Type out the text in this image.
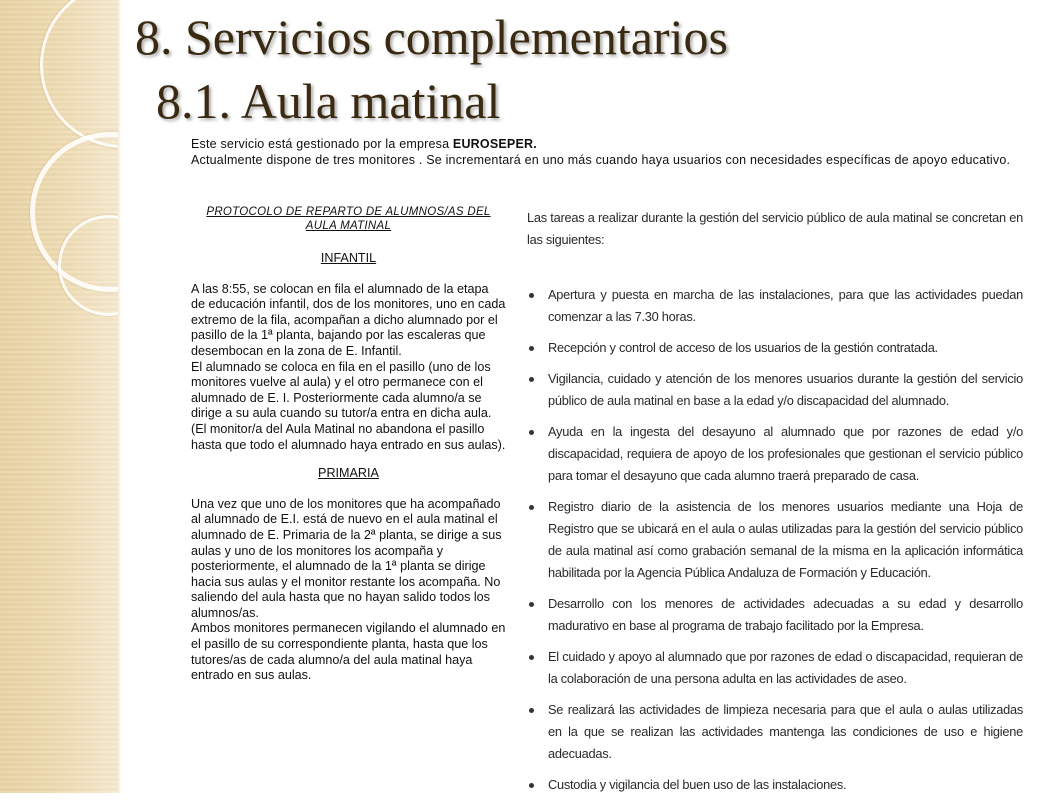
8. Servicios complementarios
8.1. Aula matinal

Este servicio está gestionado por la empresa EUROSEPER.

Actualmente dispone de tres monitores . Se incrementará en uno más cuando haya usuarios con necesidades específicas de apoyo educativo.

PROTOCOLO DE REPARTO DE ALUMNOS/AS DEL AULA MATINAL

INFANTIL

A las 8:55, se colocan en fila el alumnado de la etapa de educación infantil, dos de los monitores, uno en cada extremo de la fila, acompañan a dicho alumnado por el pasillo de la 1ª planta, bajando por las escaleras que desembocan en la zona de E. Infantil.

El alumnado se coloca en fila en el pasillo (uno de los monitores vuelve al aula) y el otro permanece con el alumnado de E. I. Posteriormente cada alumno/a se dirige a su aula cuando su tutor/a entra en dicha aula.(El monitor/a del Aula Matinal no abandona el pasillo hasta que todo el alumnado haya entrado en sus aulas).

PRIMARIA

Una vez que uno de los monitores que ha acompañado al alumnado de E.I. está de nuevo en el aula matinal el alumnado de E. Primaria de la 2ª planta, se dirige a sus aulas y uno de los monitores los acompaña y posteriormente, el alumnado de la 1ª planta se dirige hacia sus aulas y el monitor restante los acompaña. No saliendo del aula hasta que no hayan salido todos los alumnos/as.

Ambos monitores permanecen vigilando el alumnado en el pasillo de su correspondiente planta, hasta que los tutores/as de cada alumno/a del aula matinal haya entrado en sus aulas.

Las tareas a realizar durante la gestión del servicio público de aula matinal se concretan en las siguientes:

Apertura y puesta en marcha de las instalaciones, para que las actividades puedan comenzar a las 7.30 horas.
Recepción y control de acceso de los usuarios de la gestión contratada.
Vigilancia, cuidado y atención de los menores usuarios durante la gestión del servicio público de aula matinal en base a la edad y/o discapacidad del alumnado.
Ayuda en la ingesta del desayuno al alumnado que por razones de edad y/o discapacidad, requiera de apoyo de los profesionales que gestionan el servicio público para tomar el desayuno que cada alumno traerá preparado de casa.
Registro diario de la asistencia de los menores usuarios mediante una Hoja de Registro que se ubicará en el aula o aulas utilizadas para la gestión del servicio público de aula matinal así como grabación semanal de la misma en la aplicación informática habilitada por la Agencia Pública Andaluza de Formación y Educación.
Desarrollo con los menores de actividades adecuadas a su edad y desarrollo madurativo en base al programa de trabajo facilitado por la Empresa.
El cuidado y apoyo al alumnado que por razones de edad o discapacidad, requieran de la colaboración de una persona adulta en las actividades de aseo.
Se realizará las actividades de limpieza necesaria para que el aula o aulas utilizadas en la que se realizan las actividades mantenga las condiciones de uso e higiene adecuadas.
Custodia y vigilancia del buen uso de las instalaciones.
